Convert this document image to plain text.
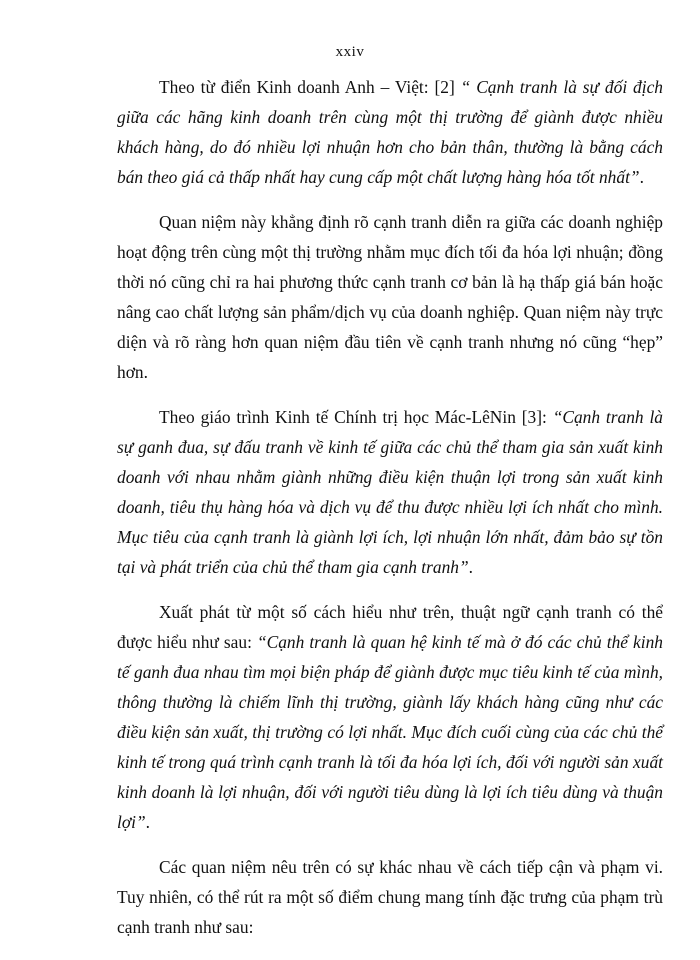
xxiv

Theo từ điển Kinh doanh Anh – Việt: [2] “ Cạnh tranh là sự đối địch giữa các hãng kinh doanh trên cùng một thị trường để giành được nhiều khách hàng, do đó nhiều lợi nhuận hơn cho bản thân, thường là bằng cách bán theo giá cả thấp nhất hay cung cấp một chất lượng hàng hóa tốt nhất”.

Quan niệm này khẳng định rõ cạnh tranh diễn ra giữa các doanh nghiệp hoạt động trên cùng một thị trường nhằm mục đích tối đa hóa lợi nhuận; đồng thời nó cũng chỉ ra hai phương thức cạnh tranh cơ bản là hạ thấp giá bán hoặc nâng cao chất lượng sản phẩm/dịch vụ của doanh nghiệp. Quan niệm này trực diện và rõ ràng hơn quan niệm đầu tiên về cạnh tranh nhưng nó cũng “hẹp” hơn.

Theo giáo trình Kinh tế Chính trị học Mác-LêNin [3]: “Cạnh tranh là sự ganh đua, sự đấu tranh về kinh tế giữa các chủ thể tham gia sản xuất kinh doanh với nhau nhằm giành những điều kiện thuận lợi trong sản xuất kinh doanh, tiêu thụ hàng hóa và dịch vụ để thu được nhiều lợi ích nhất cho mình. Mục tiêu của cạnh tranh là giành lợi ích, lợi nhuận lớn nhất, đảm bảo sự tồn tại và phát triển của chủ thể tham gia cạnh tranh”.

Xuất phát từ một số cách hiểu như trên, thuật ngữ cạnh tranh có thể được hiểu như sau: “Cạnh tranh là quan hệ kinh tế mà ở đó các chủ thể kinh tế ganh đua nhau tìm mọi biện pháp để giành được mục tiêu kinh tế của mình, thông thường là chiếm lĩnh thị trường, giành lấy khách hàng cũng như các điều kiện sản xuất, thị trường có lợi nhất. Mục đích cuối cùng của các chủ thể kinh tế trong quá trình cạnh tranh là tối đa hóa lợi ích, đối với người sản xuất kinh doanh là lợi nhuận, đối với người tiêu dùng là lợi ích tiêu dùng và thuận lợi”.

Các quan niệm nêu trên có sự khác nhau về cách tiếp cận và phạm vi. Tuy nhiên, có thể rút ra một số điểm chung mang tính đặc trưng của phạm trù cạnh tranh như sau:
